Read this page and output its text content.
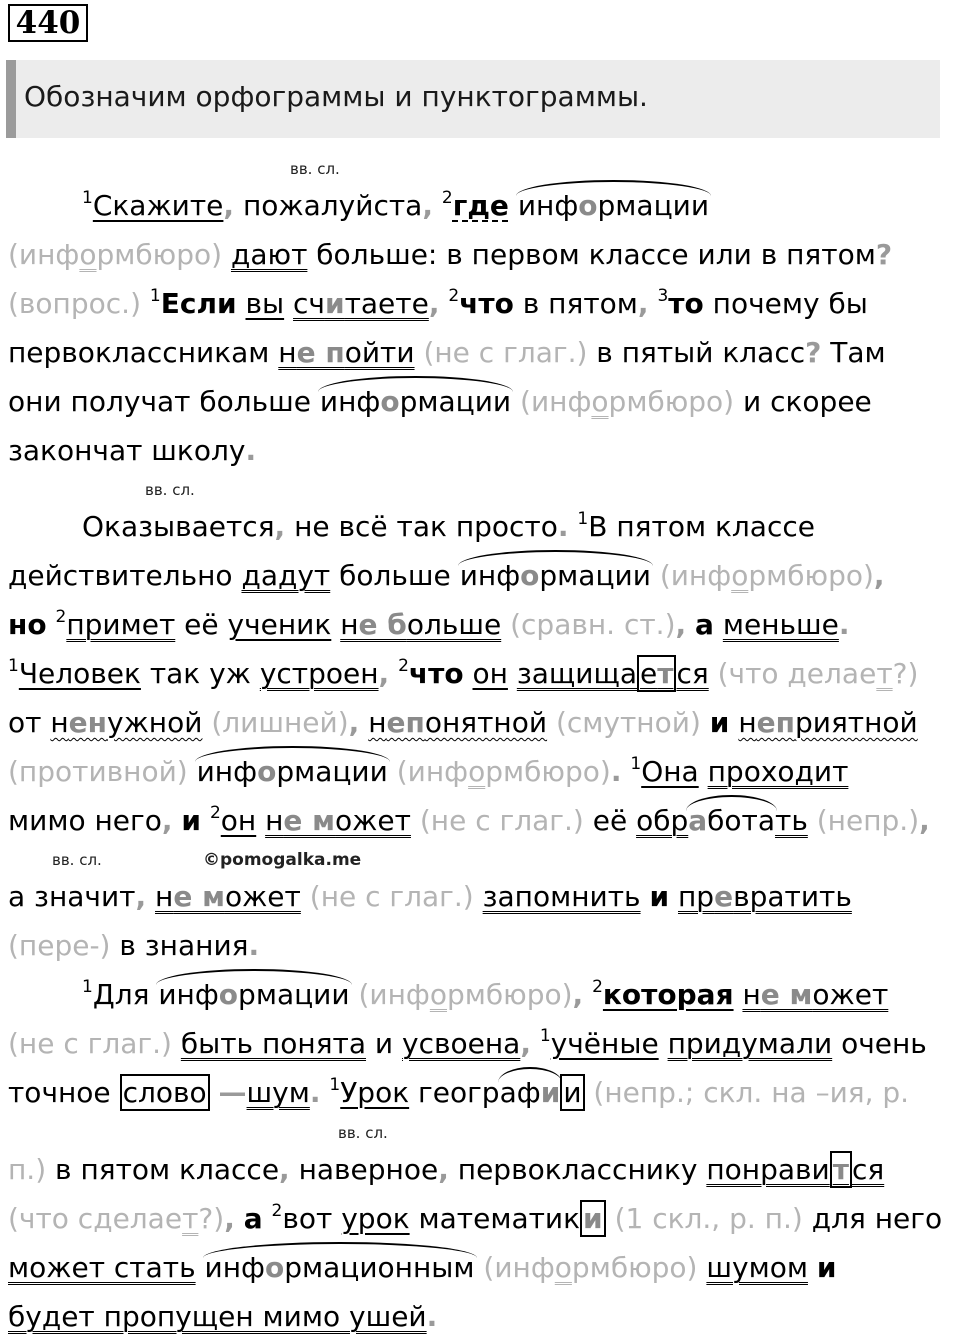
440
Обозначим орфограммы и пунктограммы.
вв. сл.
вв. сл.
вв. сл.	©pomogalka.me
вв. сл.
$^1$Скажите, пожалуйста, $^2$где информации
(информбюро) дают больше: в первом классе или в пятом?
(вопрос.) $^1$Если вы считаете, $^2$что в пятом, $^3$то почему бы
первоклассникам не пойти (не с глаг.) в пятый класс? Там
они получат больше информации (информбюро) и скорее
закончат школу.
Оказывается, не всё так просто. $^1$В пятом классе
действительно дадут больше информации (информбюро),
но $^2$примет её ученик не больше (сравн. ст.), а меньше.
$^1$Человек так уж устроен, $^2$что он защища ет ся (что делает?)
от ненужной (лишней), непонятной (смутной) и неприятной
(противной) информации (информбюро). $^1$Она проходит
мимо него, и $^2$он не может (не с глаг.) её обработать (непр.),
а значит, не может (не с глаг.) запомнить и превратить
(пере-) в знания.
$^1$Для информации (информбюро), $^2$которая не может
(не с глаг.) быть понята и усвоена, $^1$учёные придумали очень
точное слово —шум. $^1$Урок географи и (непр.; скл. на –ия, р.
п.) в пятом классе, наверное, первокласснику понрави т ся
(что сделает?), а $^2$вот урок математик и (1 скл., р. п.) для него
может стать информационным (информбюро) шумом и
будет пропущен мимо ушей.
